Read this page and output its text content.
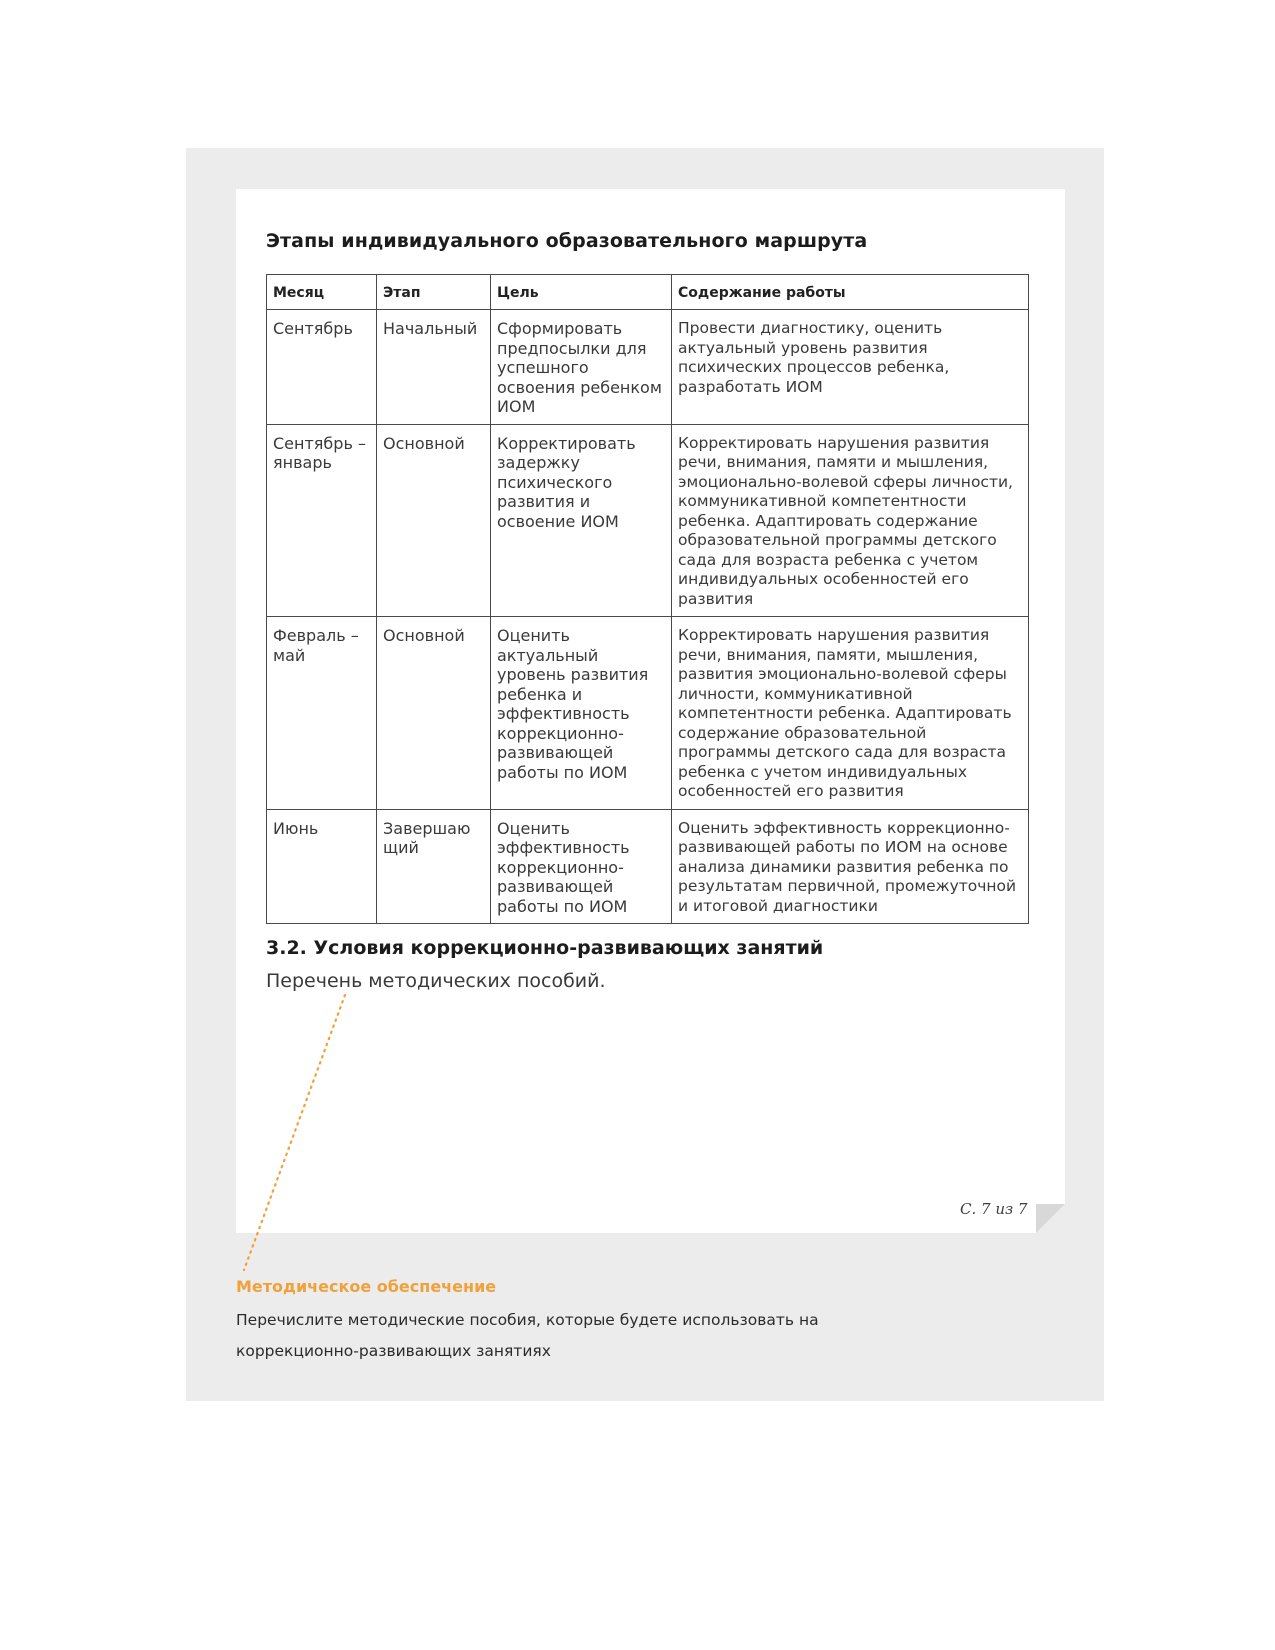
Этапы индивидуального образовательного маршрута
Месяц	Этап	Цель	Содержание работы
Сентябрь	Начальный	Сформировать предпосылки для успешного освоения ребенком ИОМ	Провести диагностику, оценить актуальный уровень развития психических процессов ребенка, разработать ИОМ
Сентябрь – январь	Основной	Корректировать задержку психического развития и освоение ИОМ	Корректировать нарушения развития речи, внимания, памяти и мышления, эмоционально-волевой сферы личности, коммуникативной компетентности ребенка. Адаптировать содержание образовательной программы детского сада для возраста ребенка с учетом индивидуальных особенностей его развития
Февраль – май	Основной	Оценить актуальный уровень развития ребенка и эффективность коррекционно-развивающей работы по ИОМ	Корректировать нарушения развития речи, внимания, памяти, мышления, развития эмоционально-волевой сферы личности, коммуникативной компетентности ребенка. Адаптировать содержание образовательной программы детского сада для возраста ребенка с учетом индивидуальных особенностей его развития
Июнь	Завершающий	Оценить эффективность коррекционно-развивающей работы по ИОМ	Оценить эффективность коррекционно-развивающей работы по ИОМ на основе анализа динамики развития ребенка по результатам первичной, промежуточной и итоговой диагностики
3.2. Условия коррекционно-развивающих занятий

Перечень методических пособий.

С. 7 из 7
Методическое обеспечение

Перечислите методические пособия, которые будете использовать на коррекционно-развивающих занятиях
